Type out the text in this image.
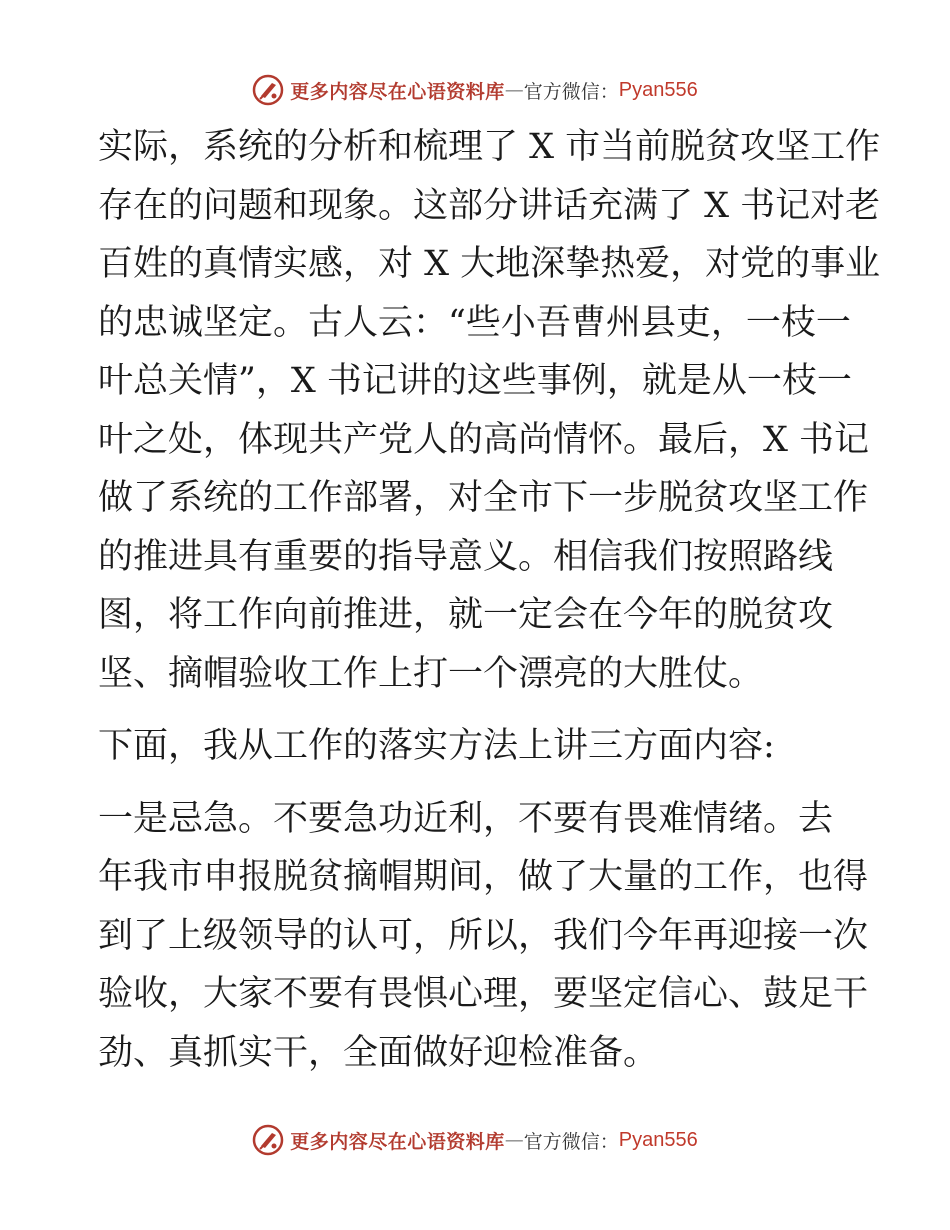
更多内容尽在心语资料库 — 官方微信： Pyan556
实际，系统的分析和梳理了 X 市当前脱贫攻坚工作
存在的问题和现象。这部分讲话充满了 X 书记对老
百姓的真情实感，对 X 大地深挚热爱，对党的事业
的忠诚坚定。古人云：“些小吾曹州县吏，一枝一
叶总关情”，X 书记讲的这些事例，就是从一枝一
叶之处，体现共产党人的高尚情怀。最后，X 书记
做了系统的工作部署，对全市下一步脱贫攻坚工作
的推进具有重要的指导意义。相信我们按照路线
图，将工作向前推进，就一定会在今年的脱贫攻
坚、摘帽验收工作上打一个漂亮的大胜仗。
下面，我从工作的落实方法上讲三方面内容:
一是忌急。不要急功近利，不要有畏难情绪。去
年我市申报脱贫摘帽期间，做了大量的工作，也得
到了上级领导的认可，所以，我们今年再迎接一次
验收，大家不要有畏惧心理，要坚定信心、鼓足干
劲、真抓实干，全面做好迎检准备。
更多内容尽在心语资料库 — 官方微信： Pyan556
